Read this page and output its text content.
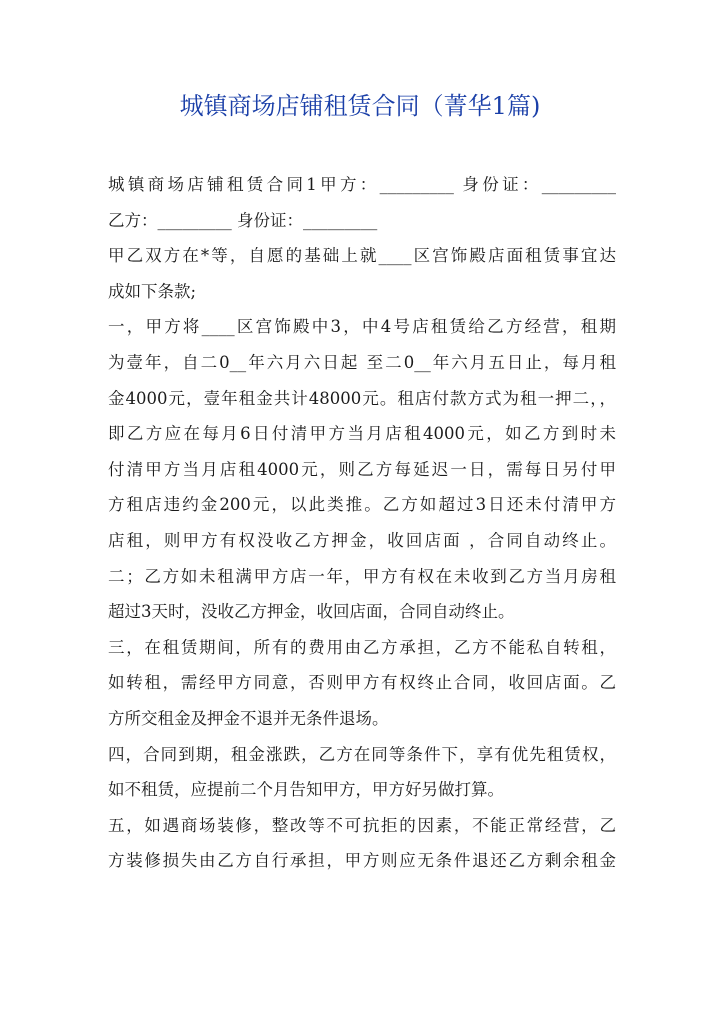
城镇商场店铺租赁合同（菁华1篇)
城镇商场店铺租赁合同1甲方：_________ 身份证：_________
乙方：_________ 身份证：_________
甲乙双方在*等，自愿的基础上就____区宫饰殿店面租赁事宜达
成如下条款;
一，甲方将____区宫饰殿中3，中4号店租赁给乙方经营，租期
为壹年，自二0__年六月六日起 至二0__年六月五日止，每月租
金4000元，壹年租金共计48000元。租店付款方式为租一押二，，
即乙方应在每月6日付清甲方当月店租4000元，如乙方到时未
付清甲方当月店租4000元，则乙方每延迟一日，需每日另付甲
方租店违约金200元，以此类推。乙方如超过3日还未付清甲方
店租，则甲方有权没收乙方押金，收回店面 ，合同自动终止。
二；乙方如未租满甲方店一年，甲方有权在未收到乙方当月房租
超过3天时，没收乙方押金，收回店面，合同自动终止。
三，在租赁期间，所有的费用由乙方承担，乙方不能私自转租，
如转租，需经甲方同意，否则甲方有权终止合同，收回店面。乙
方所交租金及押金不退并无条件退场。
四，合同到期，租金涨跌，乙方在同等条件下，享有优先租赁权，
如不租赁，应提前二个月告知甲方，甲方好另做打算。
五，如遇商场装修，整改等不可抗拒的因素，不能正常经营，乙
方装修损失由乙方自行承担，甲方则应无条件退还乙方剩余租金
